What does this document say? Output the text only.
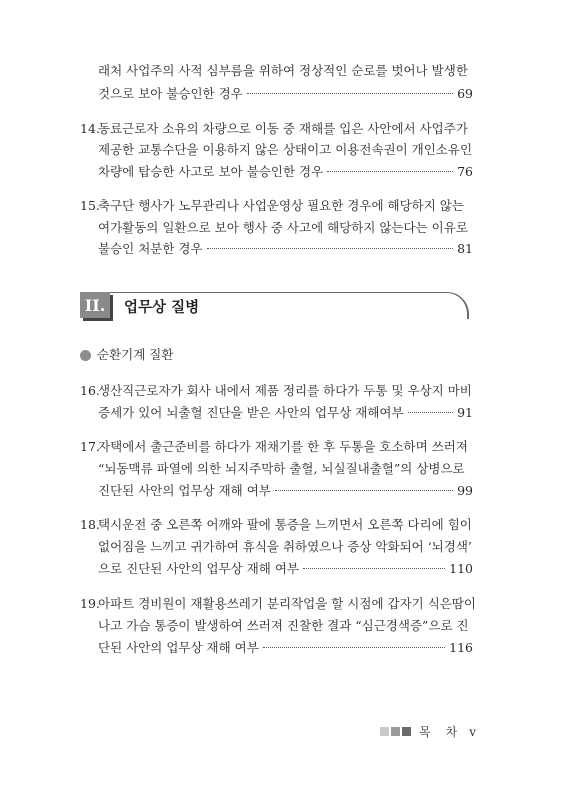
래처 사업주의 사적 심부름을 위하여 정상적인 순로를 벗어나 발생한
것으로 보아 불승인한 경우	69
14.
동료근로자 소유의 차량으로 이동 중 재해를 입은 사안에서 사업주가
제공한 교통수단을 이용하지 않은 상태이고 이용전속권이 개인소유인
차량에 탑승한 사고로 보아 불승인한 경우	76
15.
축구단 행사가 노무관리나 사업운영상 필요한 경우에 해당하지 않는
여가활동의 일환으로 보아 행사 중 사고에 해당하지 않는다는 이유로
불승인 처분한 경우	81
II.	업무상 질병
순환기계 질환
16.
생산직근로자가 회사 내에서 제품 정리를 하다가 두통 및 우상지 마비
증세가 있어 뇌출혈 진단을 받은 사안의 업무상 재해여부	91
17.
자택에서 출근준비를 하다가 재채기를 한 후 두통을 호소하며 쓰러져
“뇌동맥류 파열에 의한 뇌지주막하 출혈, 뇌실질내출혈”의 상병으로
진단된 사안의 업무상 재해 여부	99
18.
택시운전 중 오른쪽 어깨와 팔에 통증을 느끼면서 오른쪽 다리에 힘이
없어짐을 느끼고 귀가하여 휴식을 취하였으나 증상 악화되어 ‘뇌경색’
으로 진단된 사안의 업무상 재해 여부	110
19.
아파트 경비원이 재활용쓰레기 분리작업을 할 시점에 갑자기 식은땀이
나고 가슴 통증이 발생하여 쓰러져 진찰한 결과 “심근경색증”으로 진
단된 사안의 업무상 재해 여부	116
목 차 v
